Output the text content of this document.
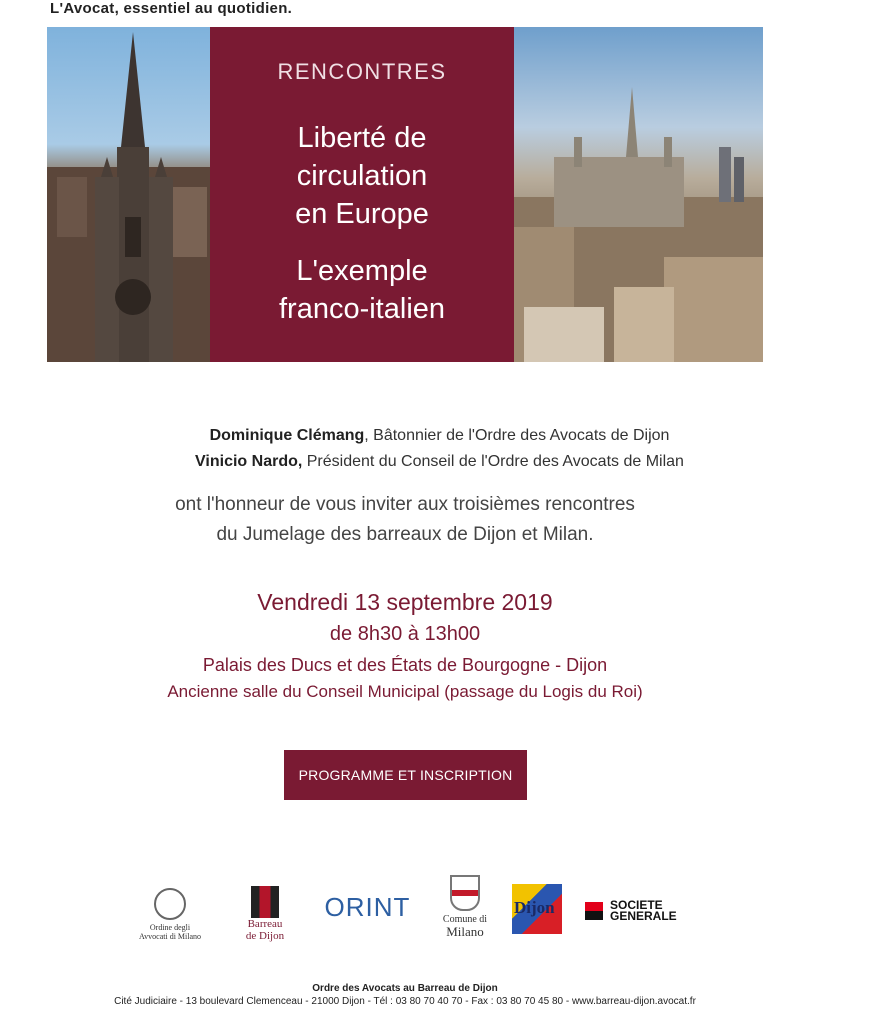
L'Avocat, essentiel au quotidien.
RENCONTRES
Liberté de
circulation
en Europe
L'exemple
franco-italien
Dominique Clémang, Bâtonnier de l'Ordre des Avocats de Dijon
Vinicio Nardo, Président du Conseil de l'Ordre des Avocats de Milan
ont l'honneur de vous inviter aux troisièmes rencontres
du Jumelage des barreaux de Dijon et Milan.
Vendredi 13 septembre 2019
de 8h30 à 13h00
Palais des Ducs et des États de Bourgogne - Dijon
Ancienne salle du Conseil Municipal (passage du Logis du Roi)
PROGRAMME ET INSCRIPTION
Ordine degli
Avvocati di Milano
Barreau
de Dijon
ORINT	Comune di
Milano
Dijon	SOCIETE
GENERALE
Ordre des Avocats au Barreau de Dijon
Cité Judiciaire - 13 boulevard Clemenceau - 21000 Dijon - Tél : 03 80 70 40 70 - Fax : 03 80 70 45 80 - www.barreau-dijon.avocat.fr
